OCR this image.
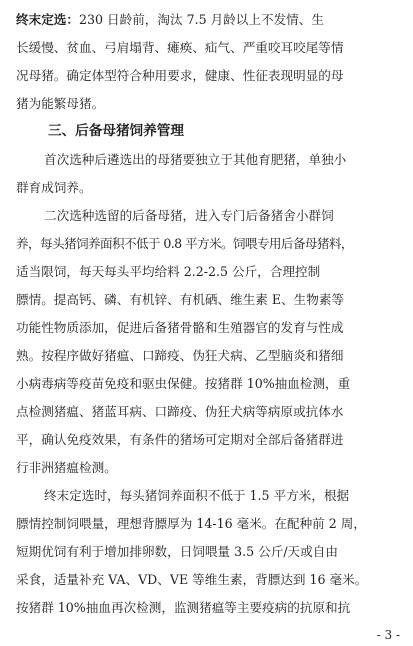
终末定选：230 日龄前，淘汰 7.5 月龄以上不发情、生
长缓慢、贫血、弓肩塌背、瘫痪、疝气、严重咬耳咬尾等情
况母猪。确定体型符合种用要求，健康、性征表现明显的母
猪为能繁母猪。
三、后备母猪饲养管理
首次选种后遴选出的母猪要独立于其他育肥猪，单独小
群育成饲养。
二次选种选留的后备母猪，进入专门后备猪舍小群饲
养，每头猪饲养面积不低于 0.8 平方米。饲喂专用后备母猪料，
适当限饲，每天每头平均给料 2.2-2.5 公斤，合理控制
膘情。提高钙、磷、有机锌、有机硒、维生素 E、生物素等
功能性物质添加，促进后备猪骨骼和生殖器官的发育与性成
熟。按程序做好猪瘟、口蹄疫、伪狂犬病、乙型脑炎和猪细
小病毒病等疫苗免疫和驱虫保健。按猪群 10%抽血检测，重
点检测猪瘟、猪蓝耳病、口蹄疫、伪狂犬病等病原或抗体水
平，确认免疫效果，有条件的猪场可定期对全部后备猪群进
行非洲猪瘟检测。
终末定选时，每头猪饲养面积不低于 1.5 平方米，根据
膘情控制饲喂量，理想背膘厚为 14-16 毫米。在配种前 2 周，
短期优饲有利于增加排卵数，日饲喂量 3.5 公斤/天或自由
采食，适量补充 VA、VD、VE 等维生素，背膘达到 16 毫米。
按猪群 10%抽血再次检测，监测猪瘟等主要疫病的抗原和抗
- 3 -
